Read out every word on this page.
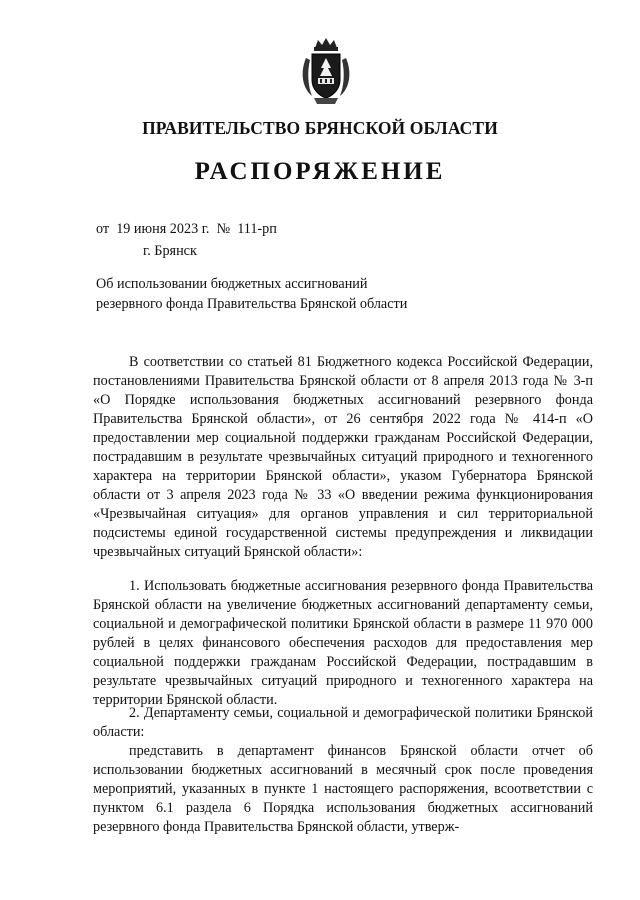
ПРАВИТЕЛЬСТВО БРЯНСКОЙ ОБЛАСТИ
РАСПОРЯЖЕНИЕ
от  19 июня 2023 г.  №  111-рп
г. Брянск
Об использовании бюджетных ассигнований резервного фонда Правительства Брянской области

В соответствии со статьей 81 Бюджетного кодекса Российской Федерации, постановлениями Правительства Брянской области от 8 апреля 2013 года № 3-п «О Порядке использования бюджетных ассигнований резервного фонда Правительства Брянской области», от 26 сентября 2022 года № 414-п «О предоставлении мер социальной поддержки гражданам Российской Федерации, пострадавшим в результате чрезвычайных ситуаций природного и техногенного характера на территории Брянской области», указом Губернатора Брянской области от 3 апреля 2023 года № 33 «О введении режима функционирования «Чрезвычайная ситуация» для органов управления и сил территориальной подсистемы единой государственной системы предупреждения и ликвидации чрезвычайных ситуаций Брянской области»:

1. Использовать бюджетные ассигнования резервного фонда Правительства Брянской области на увеличение бюджетных ассигнований департаменту семьи, социальной и демографической политики Брянской области в размере 11 970 000 рублей в целях финансового обеспечения расходов для предоставления мер социальной поддержки гражданам Российской Федерации, пострадавшим в результате чрезвычайных ситуаций природного и техногенного характера на территории Брянской области.

2. Департаменту семьи, социальной и демографической политики Брянской области:

представить в департамент финансов Брянской области отчет об использовании бюджетных ассигнований в месячный срок после проведения мероприятий, указанных в пункте 1 настоящего распоряжения, всоответствии с пунктом 6.1 раздела 6 Порядка использования бюджетных ассигнований резервного фонда Правительства Брянской области, утверж-
